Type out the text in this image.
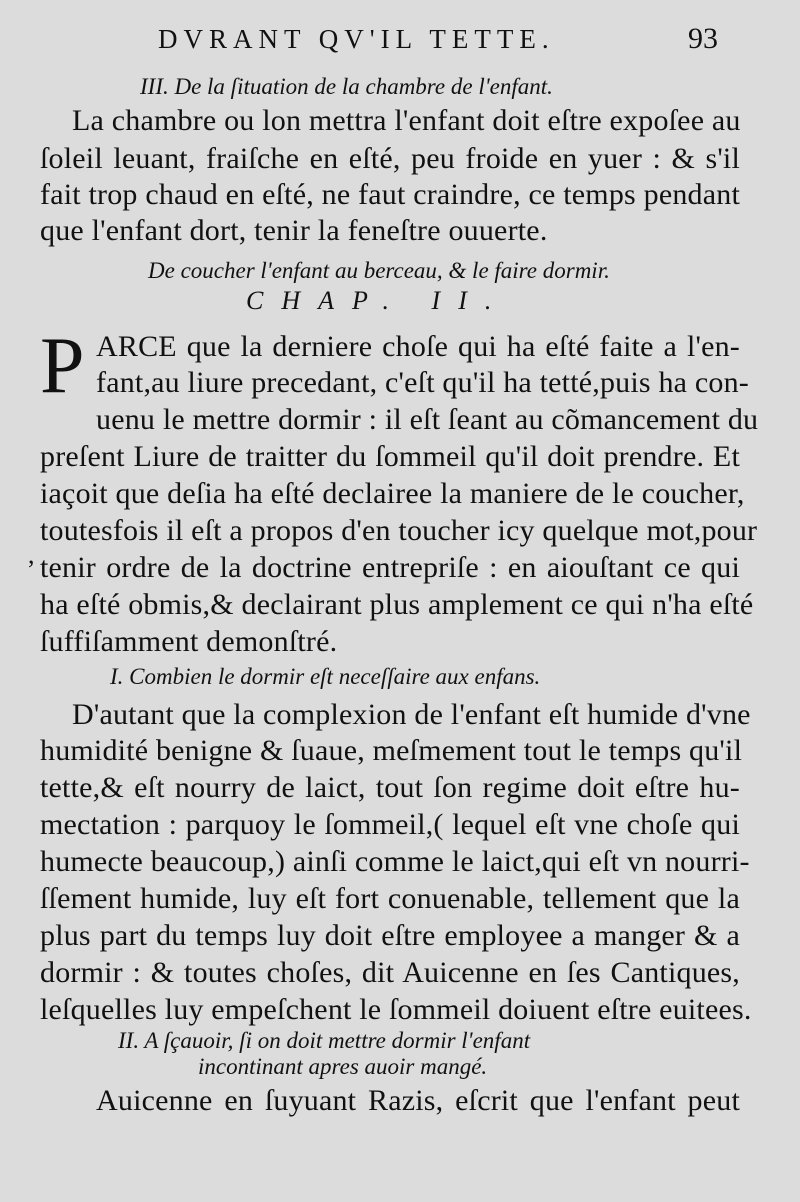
DVRANT QV'IL TETTE.	93
III. De la ſituation de la chambre de l'enfant.
La chambre ou lon mettra l'enfant doit eſtre expoſee au
ſoleil leuant, fraiſche en eſté, peu froide en yuer : & s'il
fait trop chaud en eſté, ne faut craindre, ce temps pendant
que l'enfant dort, tenir la feneſtre ouuerte.
De coucher l'enfant au berceau, & le faire dormir.
CHAP. II.
P ARCE que la derniere choſe qui ha eſté faite a l'en-
fant,au liure precedant, c'eſt qu'il ha tetté,puis ha con-
uenu le mettre dormir : il eſt ſeant au cõmancement du
preſent Liure de traitter du ſommeil qu'il doit prendre. Et
iaçoit que deſia ha eſté declairee la maniere de le coucher,
toutesfois il eſt a propos d'en toucher icy quelque mot,pour
, tenir ordre de la doctrine entrepriſe : en aiouſtant ce qui
ha eſté obmis,& declairant plus amplement ce qui n'ha eſté
ſuffiſamment demonſtré.
I. Combien le dormir eſt neceſſaire aux enfans.
D'autant que la complexion de l'enfant eſt humide d'vne
humidité benigne & ſuaue, meſmement tout le temps qu'il
tette,& eſt nourry de laict, tout ſon regime doit eſtre hu-
mectation : parquoy le ſommeil,( lequel eſt vne choſe qui
humecte beaucoup,) ainſi comme le laict,qui eſt vn nourri-
ſſement humide, luy eſt fort conuenable, tellement que la
plus part du temps luy doit eſtre employee a manger & a
dormir : & toutes choſes, dit Auicenne en ſes Cantiques,
leſquelles luy empeſchent le ſommeil doiuent eſtre euitees.
II. A ſçauoir, ſi on doit mettre dormir l'enfant
incontinant apres auoir mangé.
Auicenne en ſuyuant Razis, eſcrit que l'enfant peut
